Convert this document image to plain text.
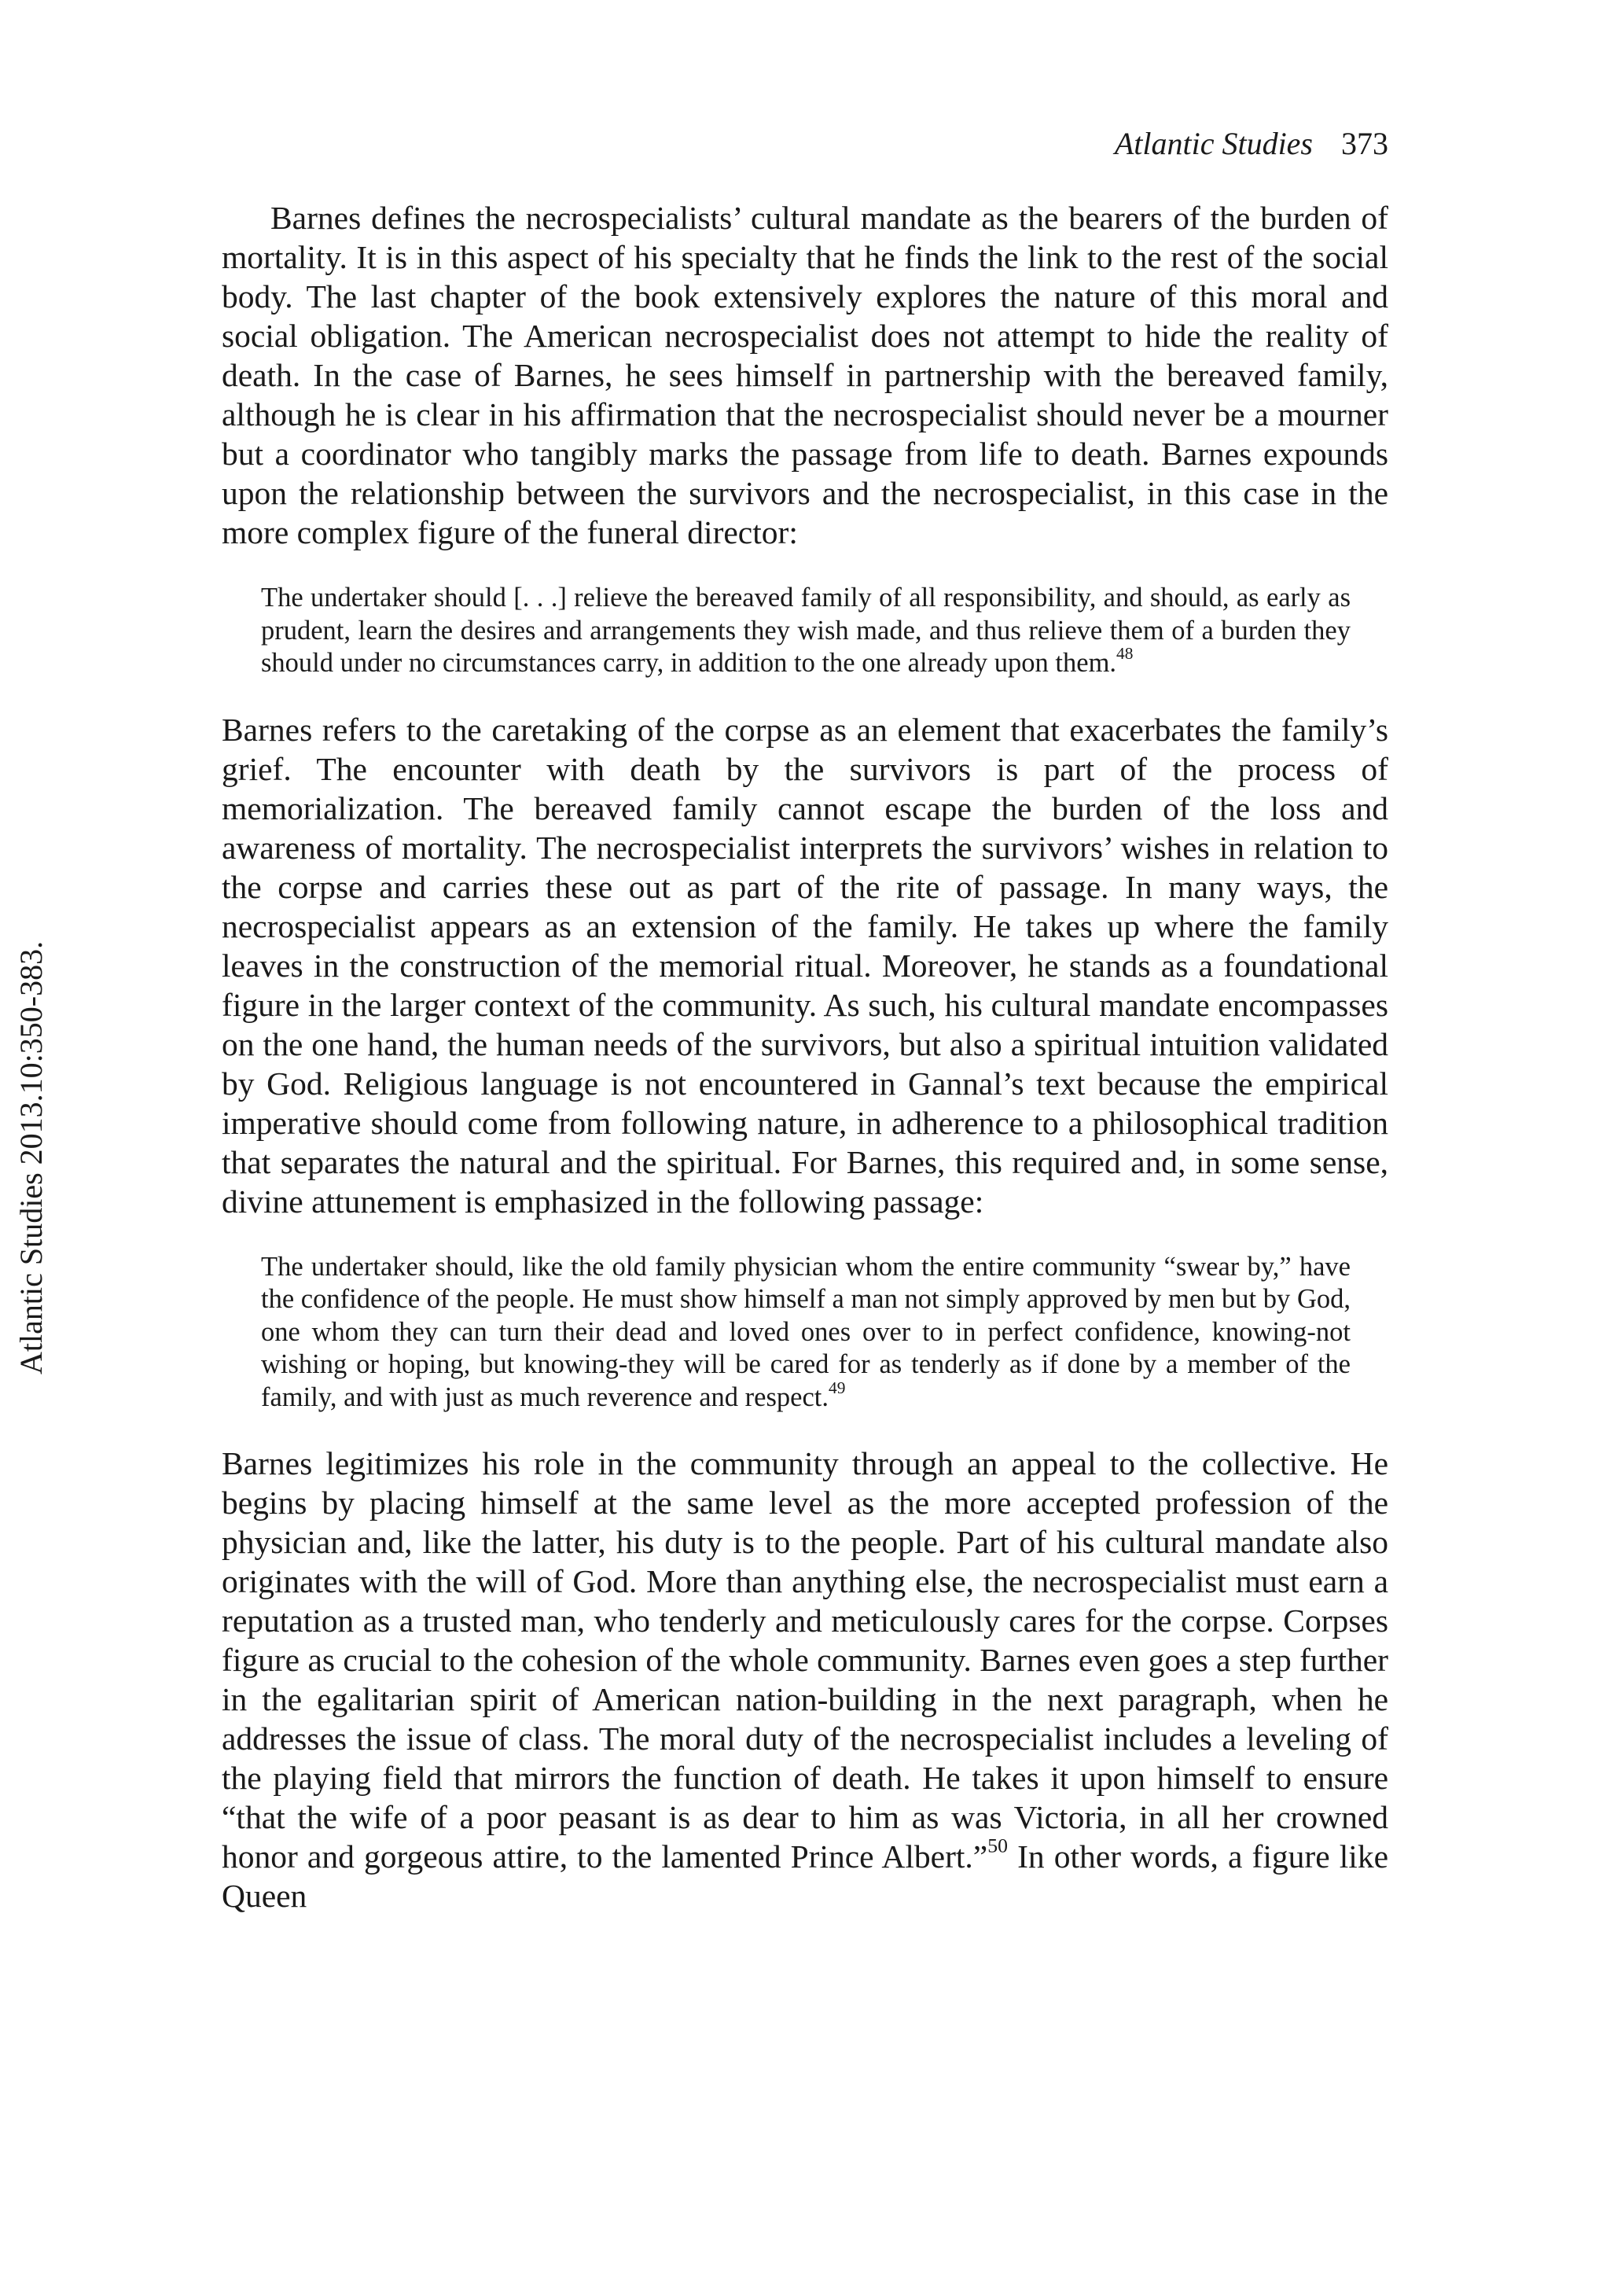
Atlantic Studies 373
Atlantic Studies 2013.10:350-383.

Barnes defines the necrospecialists’ cultural mandate as the bearers of the burden of mortality. It is in this aspect of his specialty that he finds the link to the rest of the social body. The last chapter of the book extensively explores the nature of this moral and social obligation. The American necrospecialist does not attempt to hide the reality of death. In the case of Barnes, he sees himself in partnership with the bereaved family, although he is clear in his affirmation that the necrospecialist should never be a mourner but a coordinator who tangibly marks the passage from life to death. Barnes expounds upon the relationship between the survivors and the necrospecialist, in this case in the more complex figure of the funeral director:

The undertaker should [. . .] relieve the bereaved family of all responsibility, and should, as early as prudent, learn the desires and arrangements they wish made, and thus relieve them of a burden they should under no circumstances carry, in addition to the one already upon them.$^{48}$

Barnes refers to the caretaking of the corpse as an element that exacerbates the family’s grief. The encounter with death by the survivors is part of the process of memorialization. The bereaved family cannot escape the burden of the loss and awareness of mortality. The necrospecialist interprets the survivors’ wishes in relation to the corpse and carries these out as part of the rite of passage. In many ways, the necrospecialist appears as an extension of the family. He takes up where the family leaves in the construction of the memorial ritual. Moreover, he stands as a foundational figure in the larger context of the community. As such, his cultural mandate encompasses on the one hand, the human needs of the survivors, but also a spiritual intuition validated by God. Religious language is not encountered in Gannal’s text because the empirical imperative should come from following nature, in adherence to a philosophical tradition that separates the natural and the spiritual. For Barnes, this required and, in some sense, divine attunement is emphasized in the following passage:

The undertaker should, like the old family physician whom the entire community “swear by,” have the confidence of the people. He must show himself a man not simply approved by men but by God, one whom they can turn their dead and loved ones over to in perfect confidence, knowing-not wishing or hoping, but knowing-they will be cared for as tenderly as if done by a member of the family, and with just as much reverence and respect.$^{49}$

Barnes legitimizes his role in the community through an appeal to the collective. He begins by placing himself at the same level as the more accepted profession of the physician and, like the latter, his duty is to the people. Part of his cultural mandate also originates with the will of God. More than anything else, the necrospecialist must earn a reputation as a trusted man, who tenderly and meticulously cares for the corpse. Corpses figure as crucial to the cohesion of the whole community. Barnes even goes a step further in the egalitarian spirit of American nation-building in the next paragraph, when he addresses the issue of class. The moral duty of the necrospecialist includes a leveling of the playing field that mirrors the function of death. He takes it upon himself to ensure “that the wife of a poor peasant is as dear to him as was Victoria, in all her crowned honor and gorgeous attire, to the lamented Prince Albert.”$^{50}$ In other words, a figure like Queen
